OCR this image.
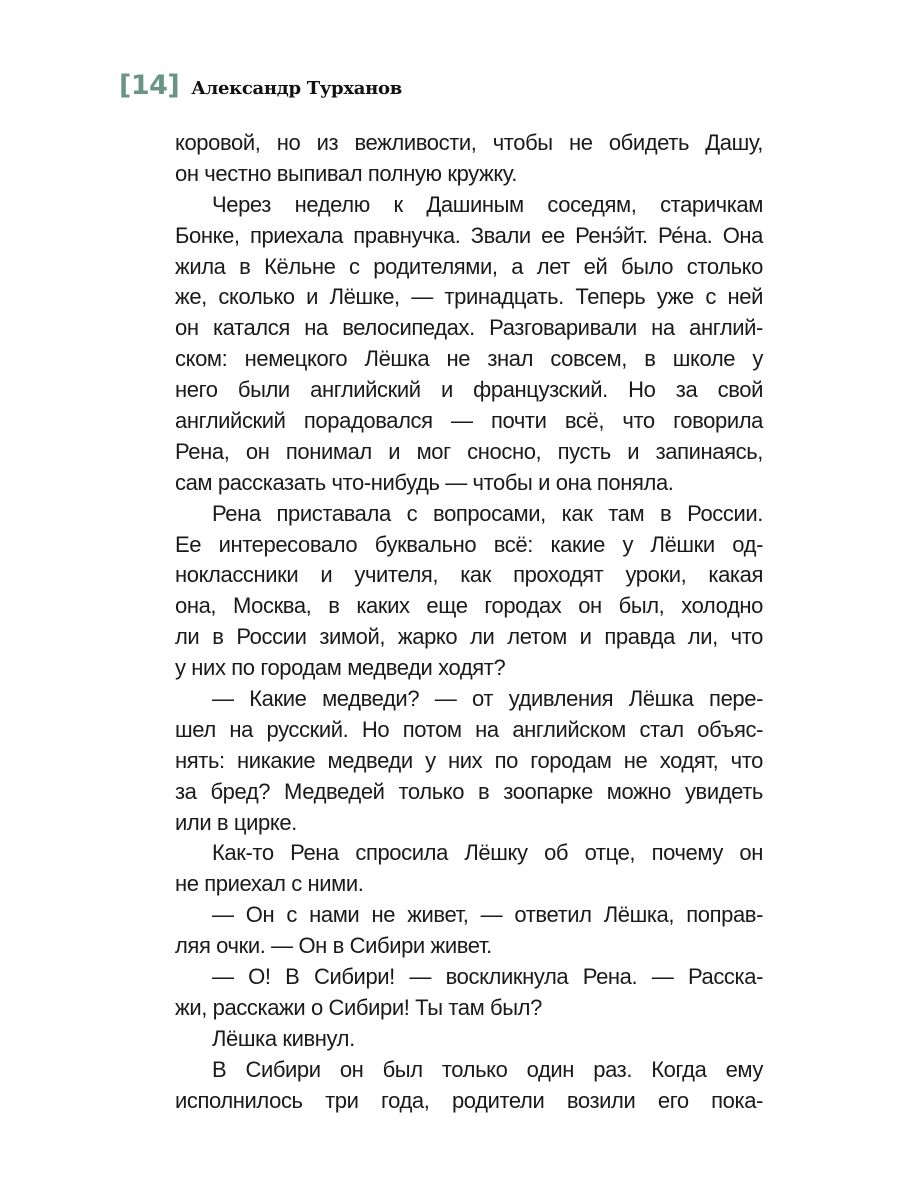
[14] Александр Турханов
коровой, но из вежливости, чтобы не обидеть Дашу,
он честно выпивал полную кружку.
Через неделю к Дашиным соседям, старичкам
Бонке, приехала правнучка. Звали ее Ренэ́йт. Ре́на. Она
жила в Кёльне с родителями, а лет ей было столько
же, сколько и Лёшке, — тринадцать. Теперь уже с ней
он катался на велосипедах. Разговаривали на англий-
ском: немецкого Лёшка не знал совсем, в школе у
него были английский и французский. Но за свой
английский порадовался — почти всё, что говорила
Рена, он понимал и мог сносно, пусть и запинаясь,
сам рассказать что-нибудь — чтобы и она поняла.
Рена приставала с вопросами, как там в России.
Ее интересовало буквально всё: какие у Лёшки од-
ноклассники и учителя, как проходят уроки, какая
она, Москва, в каких еще городах он был, холодно
ли в России зимой, жарко ли летом и правда ли, что
у них по городам медведи ходят?
— Какие медведи? — от удивления Лёшка пере-
шел на русский. Но потом на английском стал объяс-
нять: никакие медведи у них по городам не ходят, что
за бред? Медведей только в зоопарке можно увидеть
или в цирке.
Как-то Рена спросила Лёшку об отце, почему он
не приехал с ними.
— Он с нами не живет, — ответил Лёшка, поправ-
ляя очки. — Он в Сибири живет.
— О! В Сибири! — воскликнула Рена. — Расска-
жи, расскажи о Сибири! Ты там был?
Лёшка кивнул.
В Сибири он был только один раз. Когда ему
исполнилось три года, родители возили его пока-
